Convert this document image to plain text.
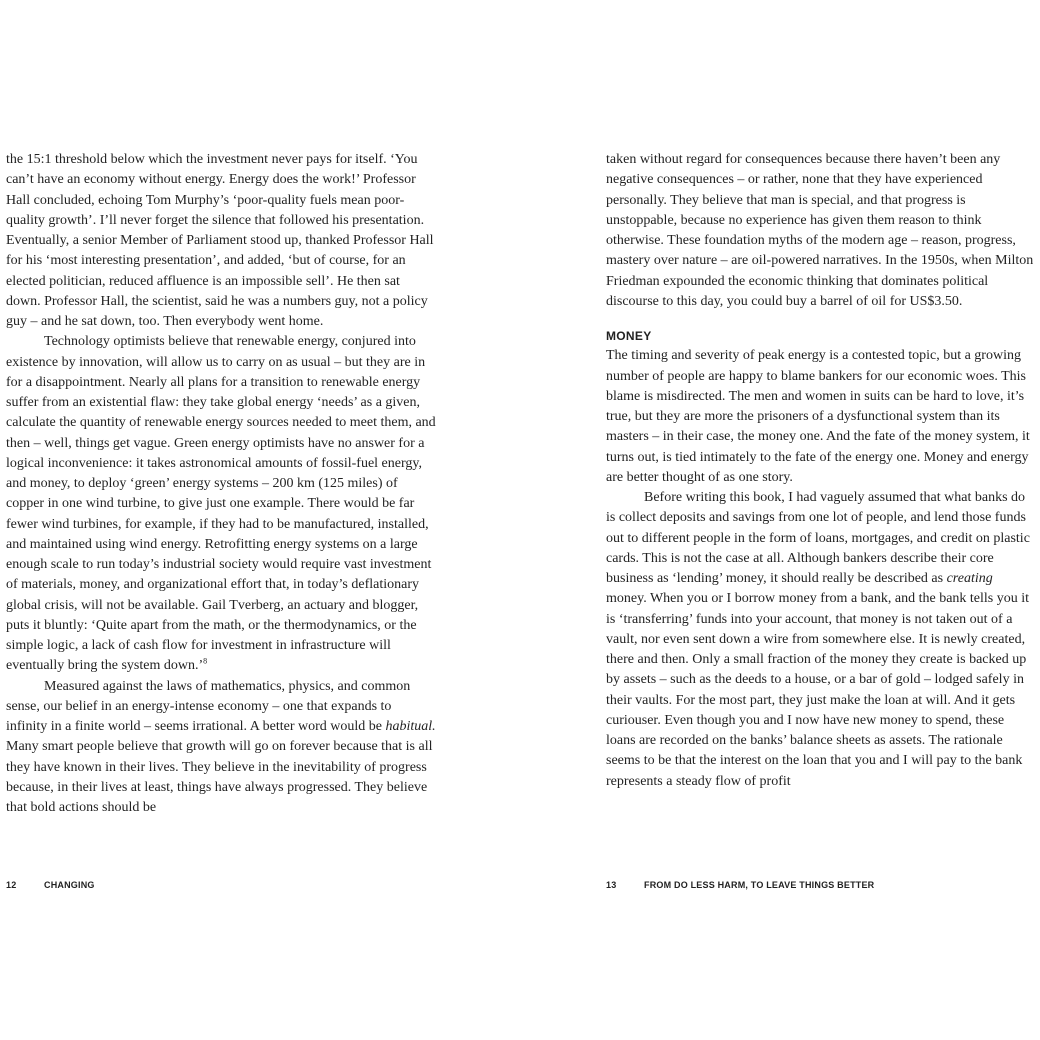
the 15:1 threshold below which the investment never pays for itself. ‘You can’t have an economy without energy. Energy does the work!’ Professor Hall concluded, echoing Tom Murphy’s ‘poor-quality fuels mean poor-quality growth’. I’ll never forget the silence that followed his presentation. Eventually, a senior Member of Parliament stood up, thanked Professor Hall for his ‘most interesting presentation’, and added, ‘but of course, for an elected politician, reduced affluence is an impossible sell’. He then sat down. Professor Hall, the scientist, said he was a numbers guy, not a policy guy – and he sat down, too. Then everybody went home.

Technology optimists believe that renewable energy, conjured into existence by innovation, will allow us to carry on as usual – but they are in for a disappointment. Nearly all plans for a transition to renewable energy suffer from an existential flaw: they take global energy ‘needs’ as a given, calculate the quantity of renewable energy sources needed to meet them, and then – well, things get vague. Green energy optimists have no answer for a logical inconvenience: it takes astronomical amounts of fossil-fuel energy, and money, to deploy ‘green’ energy systems – 200 km (125 miles) of copper in one wind turbine, to give just one example. There would be far fewer wind turbines, for example, if they had to be manufactured, installed, and maintained using wind energy. Retrofitting energy systems on a large enough scale to run today’s industrial society would require vast investment of materials, money, and organizational effort that, in today’s deflationary global crisis, will not be available. Gail Tverberg, an actuary and blogger, puts it bluntly: ‘Quite apart from the math, or the thermodynamics, or the simple logic, a lack of cash flow for investment in infrastructure will eventually bring the system down.’$^8$

Measured against the laws of mathematics, physics, and common sense, our belief in an energy-intense economy – one that expands to infinity in a finite world – seems irrational. A better word would be habitual. Many smart people believe that growth will go on forever because that is all they have known in their lives. They believe in the inevitability of progress because, in their lives at least, things have always progressed. They believe that bold actions should be

12	CHANGING

taken without regard for consequences because there haven’t been any negative consequences – or rather, none that they have experienced personally. They believe that man is special, and that progress is unstoppable, because no experience has given them reason to think otherwise. These foundation myths of the modern age – reason, progress, mastery over nature – are oil-powered narratives. In the 1950s, when Milton Friedman expounded the economic thinking that dominates political discourse to this day, you could buy a barrel of oil for US$3.50.

MONEY

The timing and severity of peak energy is a contested topic, but a growing number of people are happy to blame bankers for our economic woes. This blame is misdirected. The men and women in suits can be hard to love, it’s true, but they are more the prisoners of a dysfunctional system than its masters – in their case, the money one. And the fate of the money system, it turns out, is tied intimately to the fate of the energy one. Money and energy are better thought of as one story.

Before writing this book, I had vaguely assumed that what banks do is collect deposits and savings from one lot of people, and lend those funds out to different people in the form of loans, mortgages, and credit on plastic cards. This is not the case at all. Although bankers describe their core business as ‘lending’ money, it should really be described as creating money. When you or I borrow money from a bank, and the bank tells you it is ‘transferring’ funds into your account, that money is not taken out of a vault, nor even sent down a wire from somewhere else. It is newly created, there and then. Only a small fraction of the money they create is backed up by assets – such as the deeds to a house, or a bar of gold – lodged safely in their vaults. For the most part, they just make the loan at will. And it gets curiouser. Even though you and I now have new money to spend, these loans are recorded on the banks’ balance sheets as assets. The rationale seems to be that the interest on the loan that you and I will pay to the bank represents a steady flow of profit

13	FROM DO LESS HARM, TO LEAVE THINGS BETTER
